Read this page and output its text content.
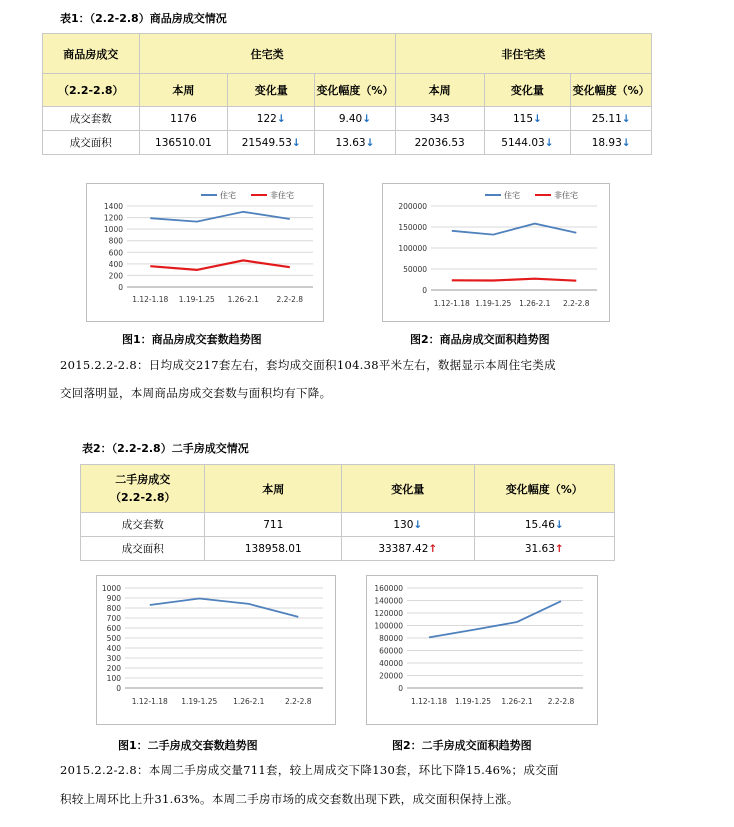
表1：（2.2-2.8）商品房成交情况
商品房成交	住宅类			非住宅类		
（2.2-2.8）	本周	变化量	变化幅度（%）	本周	变化量	变化幅度（%）
成交套数	1176	122↓	9.40↓	343	115↓	25.11↓
成交面积	136510.01	21549.53↓	13.63↓	22036.53	5144.03↓	18.93↓
0
200
400
600
800
1000
1200
1400
1.12-1.18 1.19-1.25 1.26-2.1 2.2-2.8
住宅	非住宅
0
50000
100000
150000
200000
1.12-1.18 1.19-1.25 1.26-2.1 2.2-2.8
住宅	非住宅
图1：商品房成交套数趋势图	图2：商品房成交面积趋势图
2015.2.2-2.8：日均成交217套左右，套均成交面积104.38平米左右，数据显示本周住宅类成
交回落明显，本周商品房成交套数与面积均有下降。
表2：（2.2-2.8）二手房成交情况
二手房成交
（2.2-2.8）	本周	变化量	变化幅度（%）
成交套数	711	130↓	15.46↓
成交面积	138958.01	33387.42↑	31.63↑
0
100
200
300
400
500
600
700
800
900
1000
1.12-1.18 1.19-1.25 1.26-2.1	2.2-2.8
0
20000
40000
60000
80000
100000
120000
140000
160000
1.12-1.18 1.19-1.25 1.26-2.1 2.2-2.8
图1：二手房成交套数趋势图	图2：二手房成交面积趋势图
2015.2.2-2.8：本周二手房成交量711套，较上周成交下降130套，环比下降15.46%；成交面
积较上周环比上升31.63%。本周二手房市场的成交套数出现下跌，成交面积保持上涨。
